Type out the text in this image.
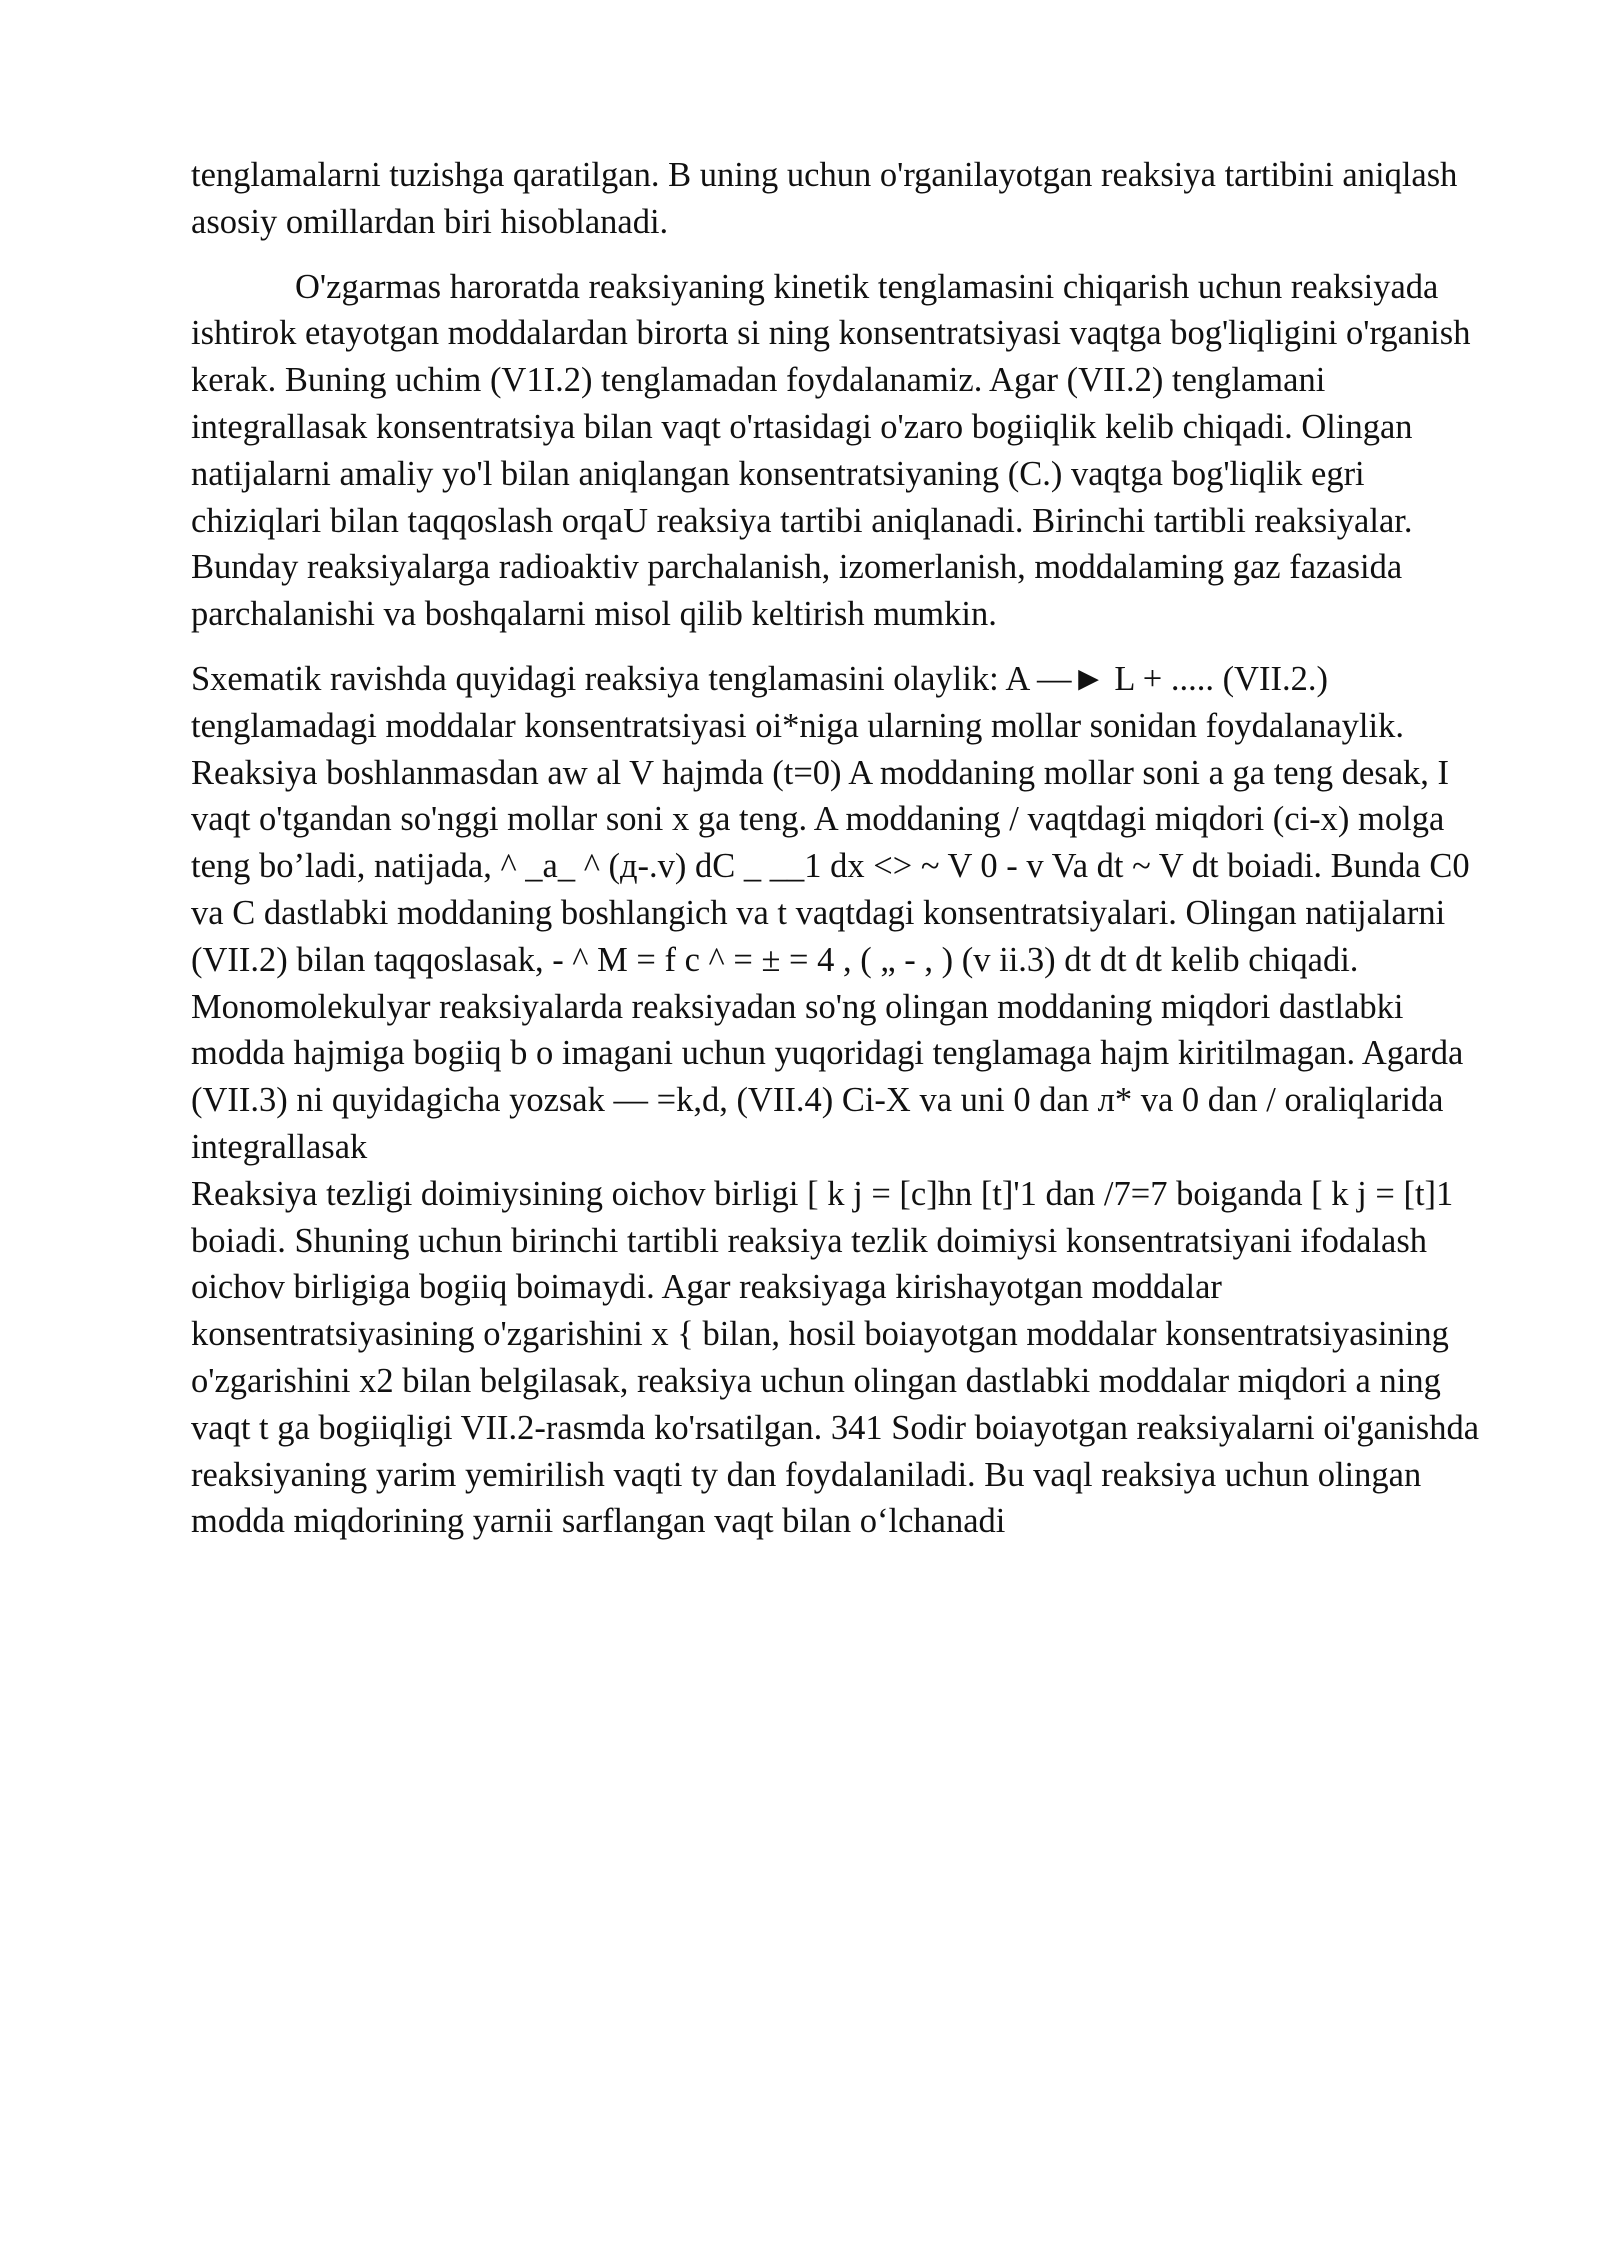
tenglamalarni tuzishga qaratilgan. B uning uchun o'rganilayotgan reaksiya tartibini aniqlash asosiy omillardan biri hisoblanadi.

O'zgarmas haroratda reaksiyaning kinetik tenglamasini chiqarish uchun reaksiyada ishtirok etayotgan moddalardan birorta si ning konsentratsiyasi vaqtga bog'liqligini o'rganish kerak. Buning uchim (V1I.2) tenglamadan foydalanamiz. Agar (VII.2) tenglamani integrallasak konsentratsiya bilan vaqt o'rtasidagi o'zaro bogiiqlik kelib chiqadi. Olingan natijalarni amaliy yo'l bilan aniqlangan konsentratsiyaning (C.) vaqtga bog'liqlik egri chiziqlari bilan taqqoslash orqaU reaksiya tartibi aniqlanadi. Birinchi tartibli reaksiyalar. Bunday reaksiyalarga radioaktiv parchalanish, izomerlanish, moddalaming gaz fazasida parchalanishi va boshqalarni misol qilib keltirish mumkin.

Sxematik ravishda quyidagi reaksiya tenglamasini olaylik: A —► L + ..... (VII.2.) tenglamadagi moddalar konsentratsiyasi oi*niga ularning mollar sonidan foydalanaylik. Reaksiya boshlanmasdan aw al V hajmda (t=0) A moddaning mollar soni a ga teng desak, I vaqt o'tgandan so'nggi mollar soni x ga teng. A moddaning / vaqtdagi miqdori (ci-x) molga teng bo’ladi, natijada, ^ _a_ ^ (д-.v) dC _ __1 dx <> ~ V 0 - v Va dt ~ V dt boiadi. Bunda C0 va C dastlabki moddaning boshlangich va t vaqtdagi konsentratsiyalari. Olingan natijalarni (VII.2) bilan taqqoslasak, - ^ M = f c ^ = ± = 4 , ( „ - , ) (v ii.3) dt dt dt kelib chiqadi. Monomolekulyar reaksiyalarda reaksiyadan so'ng olingan moddaning miqdori dastlabki modda hajmiga bogiiq b o imagani uchun yuqoridagi tenglamaga hajm kiritilmagan. Agarda (VII.3) ni quyidagicha yozsak — =k,d, (VII.4) Ci-X va uni 0 dan л* va 0 dan / oraliqlarida integrallasak

Reaksiya tezligi doimiysining oichov birligi [ k j = [c]hn [t]'1 dan /7=7 boiganda [ k j = [t]1 boiadi. Shuning uchun birinchi tartibli reaksiya tezlik doimiysi konsentratsiyani ifodalash oichov birligiga bogiiq boimaydi. Agar reaksiyaga kirishayotgan moddalar konsentratsiyasining o'zgarishini x { bilan, hosil boiayotgan moddalar konsentratsiyasining o'zgarishini x2 bilan belgilasak, reaksiya uchun olingan dastlabki moddalar miqdori a ning vaqt t ga bogiiqligi VII.2-rasmda ko'rsatilgan. 341 Sodir boiayotgan reaksiyalarni oi'ganishda reaksiyaning yarim yemirilish vaqti ty dan foydalaniladi. Bu vaql reaksiya uchun olingan modda miqdorining yarnii sarflangan vaqt bilan o‘lchanadi
